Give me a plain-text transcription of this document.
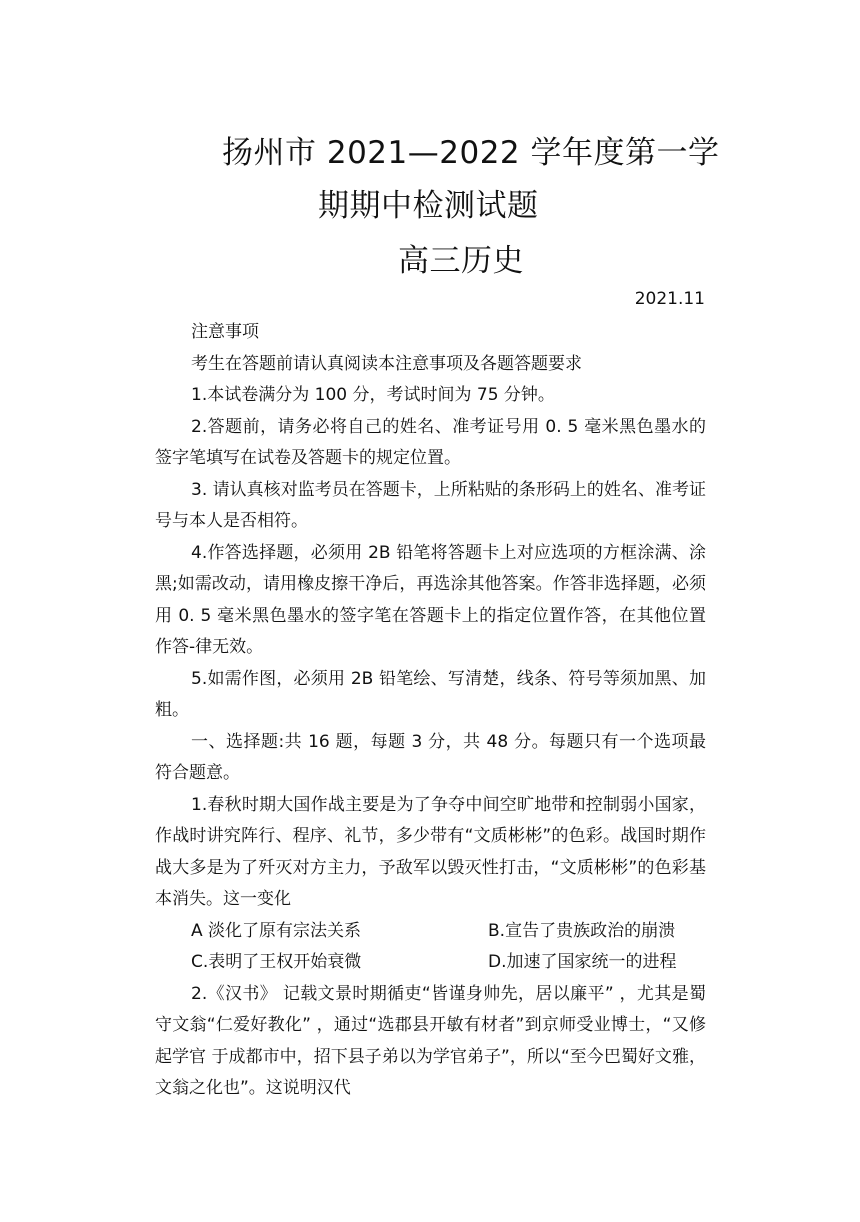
扬州市 2021—2022 学年度第一学
期期中检测试题
高三历史
2021.11

注意事项

考生在答题前请认真阅读本注意事项及各题答题要求

1.本试卷满分为 100 分，考试时间为 75 分钟。

2.答题前，请务必将自己的姓名、准考证号用 0. 5 毫米黑色墨水的签字笔填写在试卷及答题卡的规定位置。

3. 请认真核对监考员在答题卡，上所粘贴的条形码上的姓名、准考证号与本人是否相符。

4.作答选择题，必须用 2B 铅笔将答题卡上对应选项的方框涂满、涂黑;如需改动，请用橡皮擦干净后，再选涂其他答案。作答非选择题，必须用 0. 5 毫米黑色墨水的签字笔在答题卡上的指定位置作答，在其他位置作答-律无效。

5.如需作图，必须用 2B 铅笔绘、写清楚，线条、符号等须加黑、加粗。

一、选择题:共 16 题，每题 3 分，共 48 分。每题只有一个选项最符合题意。

1.春秋时期大国作战主要是为了争夺中间空旷地带和控制弱小国家，作战时讲究阵行、程序、礼节，多少带有“文质彬彬”的色彩。战国时期作战大多是为了歼灭对方主力，予敌军以毁灭性打击，“文质彬彬”的色彩基本消失。这一变化

A 淡化了原有宗法关系	B.宣告了贵族政治的崩溃
C.表明了王权开始衰微	D.加速了国家统一的进程

2.《汉书》 记载文景时期循吏“皆谨身帅先，居以廉平” ，尤其是蜀守文翁“仁爱好教化” ，通过“选郡县开敏有材者”到京师受业博士，“又修起学官 于成都市中，招下县子弟以为学官弟子”，所以“至今巴蜀好文雅，文翁之化也”。这说明汉代
